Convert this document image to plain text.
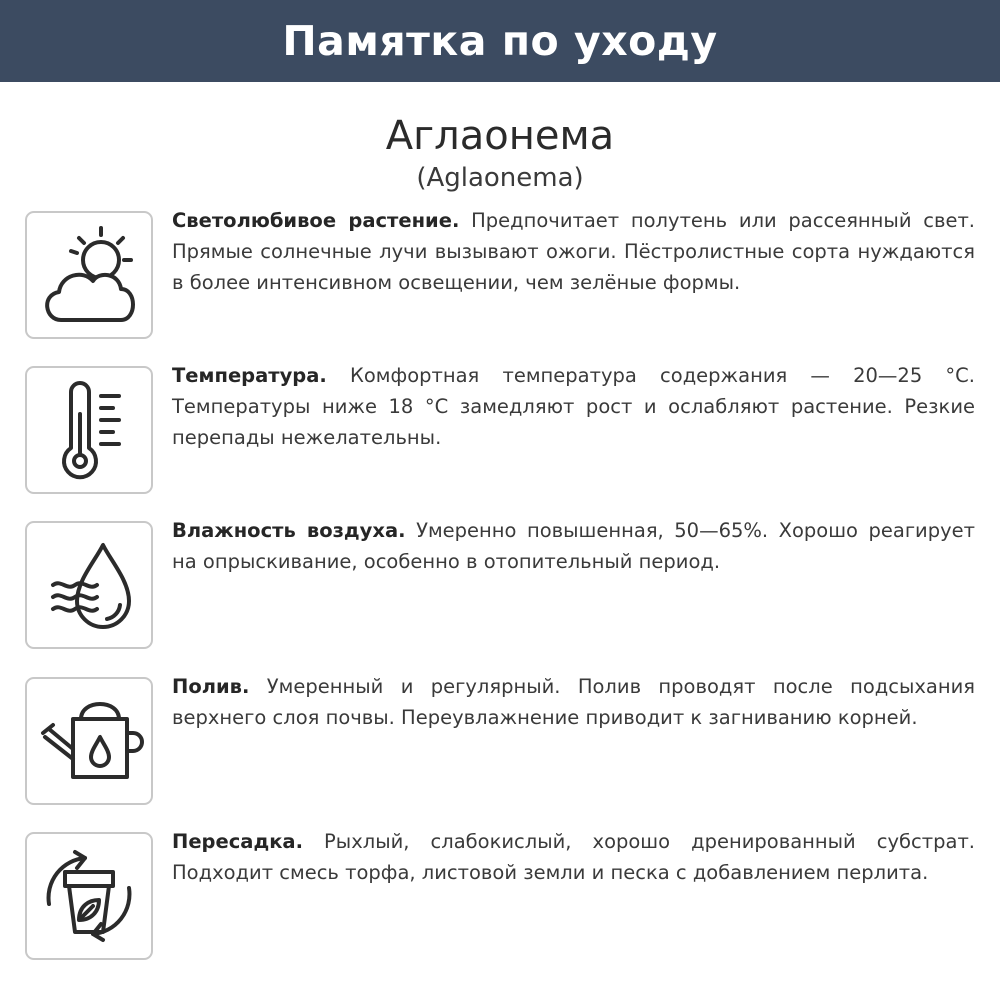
Памятка по уходу
Аглаонема
(Aglaonema)
Светолюбивое растение. Предпочитает полутень или рассеянный свет. Прямые солнечные лучи вызывают ожоги. Пёстролистные сорта нуждаются в более интенсивном освещении, чем зелёные формы.
Температура. Комфортная температура содержания — 20—25 °C. Температуры ниже 18 °C замедляют рост и ослабляют растение. Резкие перепады нежелательны.
Влажность воздуха. Умеренно повышенная, 50—65%. Хорошо реагирует на опрыскивание, особенно в отопительный период.
Полив. Умеренный и регулярный. Полив проводят после подсыхания верхнего слоя почвы. Переувлажнение приводит к загниванию корней.
Пересадка. Рыхлый, слабокислый, хорошо дренированный субстрат. Подходит смесь торфа, листовой земли и песка с добавлением перлита.
